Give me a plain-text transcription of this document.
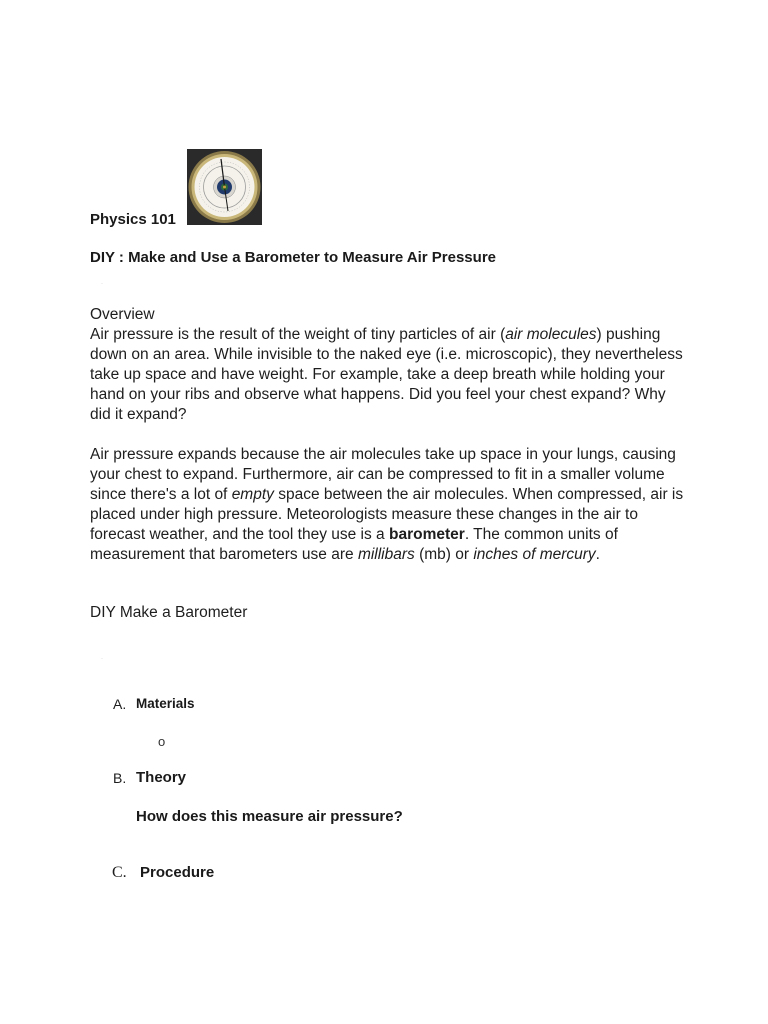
Physics 101
DIY : Make and Use a Barometer to Measure Air Pressure
·
Overview
Air pressure is the result of the weight of tiny particles of air (air molecules) pushing down on an area. While invisible to the naked eye (i.e. microscopic), they nevertheless take up space and have weight. For example, take a deep breath while holding your hand on your ribs and observe what happens. Did you feel your chest expand? Why did it expand?
Air pressure expands because the air molecules take up space in your lungs, causing your chest to expand. Furthermore, air can be compressed to fit in a smaller volume since there's a lot of empty space between the air molecules. When compressed, air is placed under high pressure. Meteorologists measure these changes in the air to forecast weather, and the tool they use is a barometer. The common units of measurement that barometers use are millibars (mb) or inches of mercury.
DIY Make a Barometer
·
A. Materials
o
B. Theory
How does this measure air pressure?
C. Procedure
